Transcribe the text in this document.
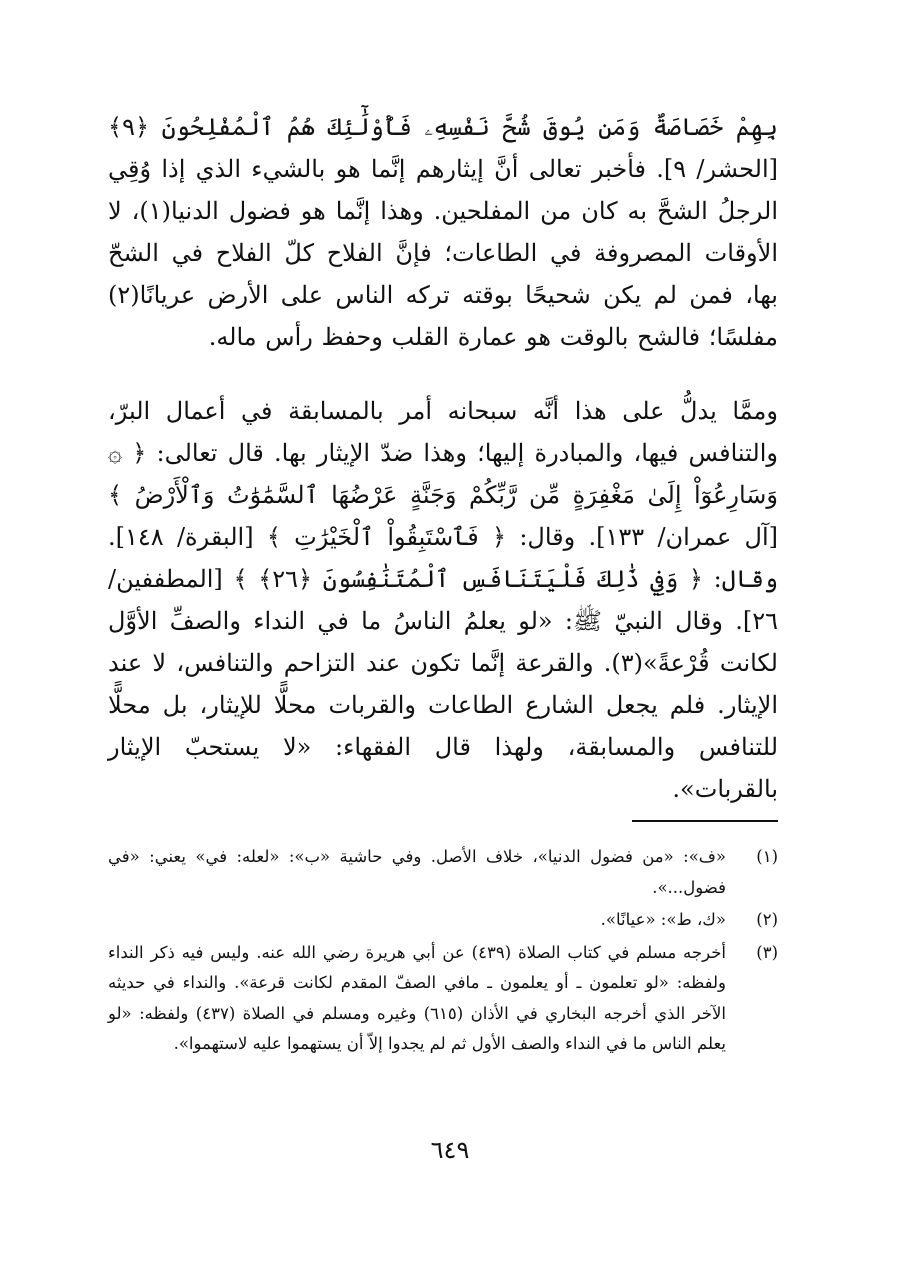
بِهِمْ خَصَاصَةٌ وَمَن يُوقَ شُحَّ نَفْسِهِۦ فَأُوْلَٰٓئِكَ هُمُ ٱلْمُفْلِحُونَ ﴿٩﴾ [الحشر/ ٩]. فأخبر تعالى أنَّ إيثارهم إنَّما هو بالشيء الذي إذا وُقِي الرجلُ الشحَّ به كان من المفلحين. وهذا إنَّما هو فضول الدنيا(١)، لا الأوقات المصروفة في الطاعات؛ فإنَّ الفلاح كلّ الفلاح في الشحّ بها، فمن لم يكن شحيحًا بوقته تركه الناس على الأرض عريانًا(٢) مفلسًا؛ فالشح بالوقت هو عمارة القلب وحفظ رأس ماله.

وممَّا يدلُّ على هذا أنَّه سبحانه أمر بالمسابقة في أعمال البرّ، والتنافس فيها، والمبادرة إليها؛ وهذا ضدّ الإيثار بها. قال تعالى: ﴿ ۞ وَسَارِعُوٓاْ إِلَىٰ مَغْفِرَةٍ مِّن رَّبِّكُمْ وَجَنَّةٍ عَرْضُهَا ٱلسَّمَٰوَٰتُ وَٱلْأَرْضُ ﴾ [آل عمران/ ١٣٣]. وقال: ﴿ فَٱسْتَبِقُواْ ٱلْخَيْرَٰتِ ﴾ [البقرة/ ١٤٨]. وقال: ﴿ وَفِي ذَٰلِكَ فَلْيَتَنَافَسِ ٱلْمُتَنَٰفِسُونَ ﴿٢٦﴾ ﴾ [المطففين/ ٢٦]. وقال النبيّ ﷺ: «لو يعلمُ الناسُ ما في النداء والصفِّ الأوَّل لكانت قُرْعةً»(٣). والقرعة إنَّما تكون عند التزاحم والتنافس، لا عند الإيثار. فلم يجعل الشارع الطاعات والقربات محلًّا للإيثار، بل محلًّا للتنافس والمسابقة، ولهذا قال الفقهاء: «لا يستحبّ الإيثار بالقربات».

(١)
«ف»: «من فضول الدنيا»، خلاف الأصل. وفي حاشية «ب»: «لعله: في» يعني: «في فضول...».
(٢)
«ك، ط»: «عيانًا».
(٣)
أخرجه مسلم في كتاب الصلاة (٤٣٩) عن أبي هريرة رضي الله عنه. وليس فيه ذكر النداء ولفظه: «لو تعلمون ـ أو يعلمون ـ مافي الصفّ المقدم لكانت قرعة». والنداء في حديثه الآخر الذي أخرجه البخاري في الأذان (٦١٥) وغيره ومسلم في الصلاة (٤٣٧) ولفظه: «لو يعلم الناس ما في النداء والصف الأول ثم لم يجدوا إلاّ أن يستهموا عليه لاستهموا».
٦٤٩
